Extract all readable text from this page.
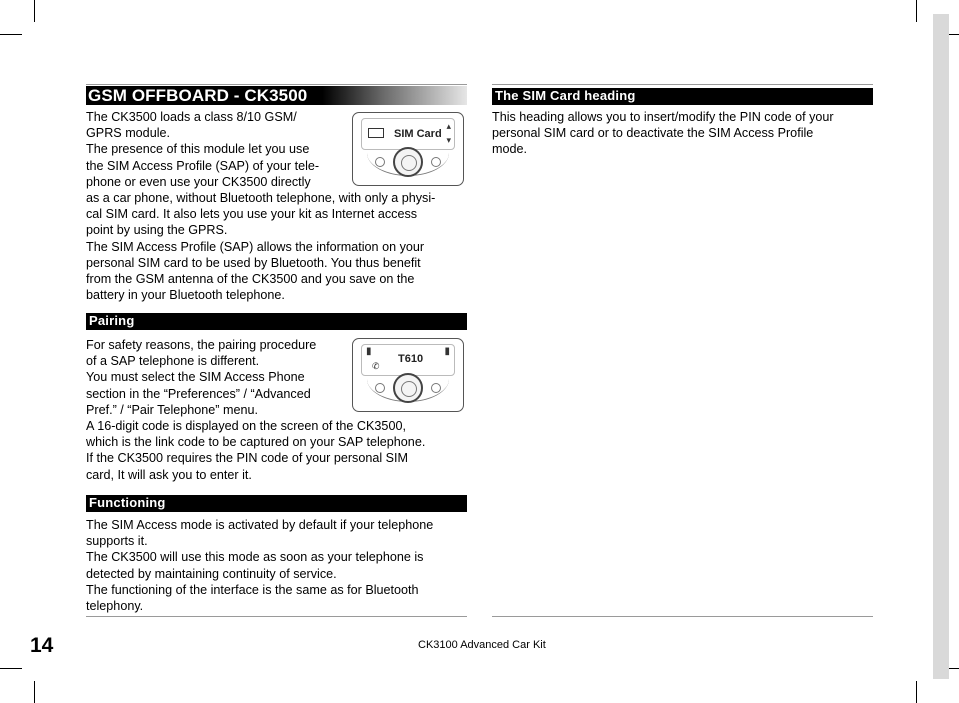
GSM OFFBOARD - CK3500

The CK3500 loads a class 8/10 GSM/

GPRS module.

The presence of this module let you use

the SIM Access Profile (SAP) of your tele-

phone or even use your CK3500 directly

as a car phone, without Bluetooth telephone, with only a physi-

cal SIM card. It also lets you use your kit as Internet access

point by using the GPRS.

The SIM Access Profile (SAP) allows the information on your

personal SIM card to be used by Bluetooth. You thus benefit

from the GSM antenna of the CK3500 and you save on the

battery in your Bluetooth telephone.

SIM Card
▴
▾
Pairing

For safety reasons, the pairing procedure

of a SAP telephone is different.

You must select the SIM Access Phone

section in the “Preferences” / “Advanced

Pref.” / “Pair Telephone” menu.

A 16-digit code is displayed on the screen of the CK3500,

which is the link code to be captured on your SAP telephone.

If the CK3500 requires the PIN code of your personal SIM

card, It will ask you to enter it.

▮
✆
T610
▮
Functioning

The SIM Access mode is activated by default if your telephone

supports it.

The CK3500 will use this mode as soon as your telephone is

detected by maintaining continuity of service.

The functioning of the interface is the same as for Bluetooth

telephony.

The SIM Card heading

This heading allows you to insert/modify the PIN code of your

personal SIM card or to deactivate the SIM Access Profile

mode.

14	CK3100 Advanced Car Kit
